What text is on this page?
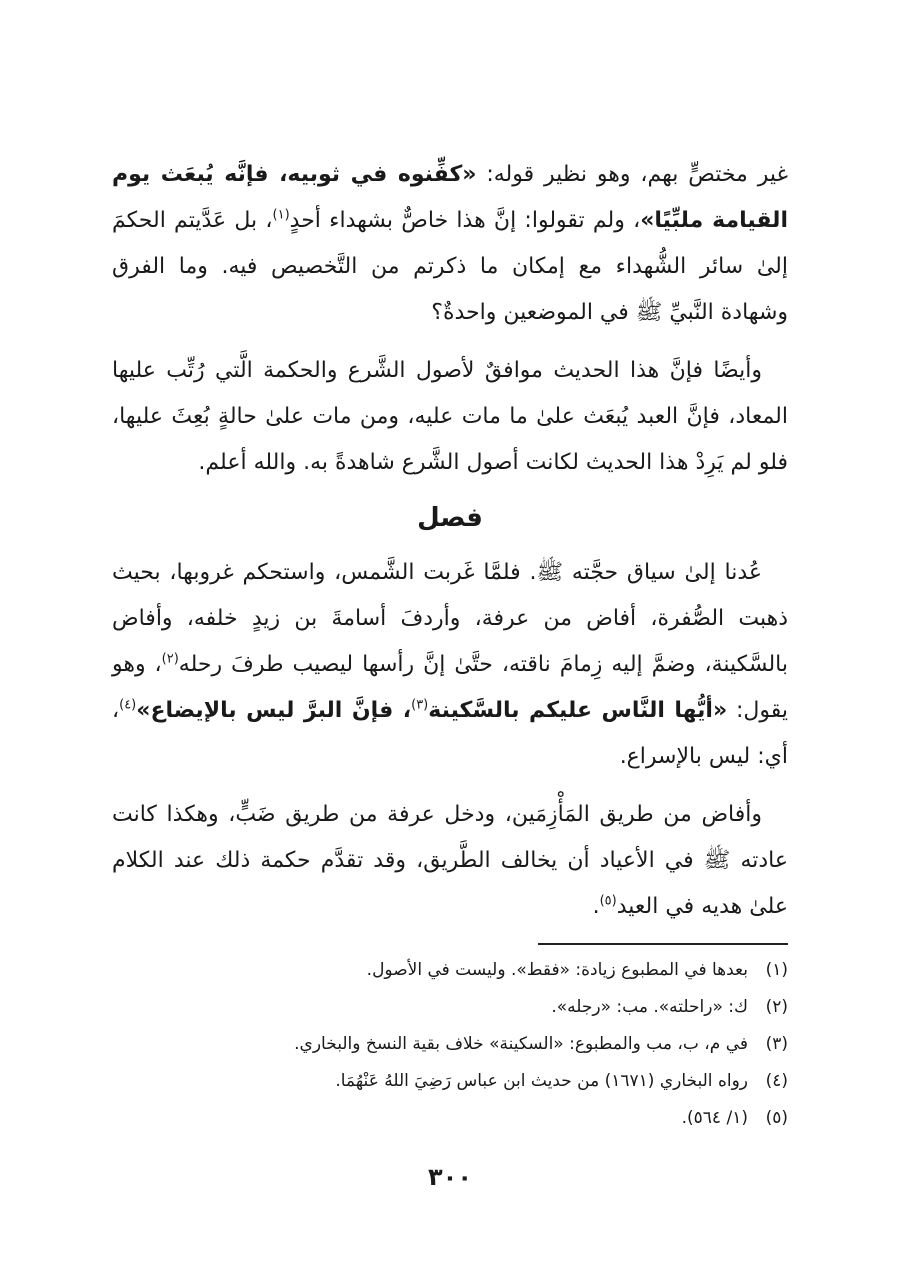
غير مختصٍّ بهم، وهو نظير قوله: «كفِّنوه في ثوبيه، فإنَّه يُبعَث يوم القيامة ملبِّيًا»، ولم تقولوا: إنَّ هذا خاصٌّ بشهداء أحدٍ$^{(١)}$، بل عَدَّيتم الحكمَ إلىٰ سائر الشُّهداء مع إمكان ما ذكرتم من التَّخصيص فيه. وما الفرق وشهادة النَّبيِّ ﷺ في الموضعين واحدةٌ؟

وأيضًا فإنَّ هذا الحديث موافقٌ لأصول الشَّرع والحكمة الَّتي رُتِّب عليها المعاد، فإنَّ العبد يُبعَث علىٰ ما مات عليه، ومن مات علىٰ حالةٍ بُعِثَ عليها، فلو لم يَرِدْ هذا الحديث لكانت أصول الشَّرع شاهدةً به. والله أعلم.

فصل

عُدنا إلىٰ سياق حجَّته ﷺ. فلمَّا غَربت الشَّمس، واستحكم غروبها، بحيث ذهبت الصُّفرة، أفاض من عرفة، وأردفَ أسامةَ بن زيدٍ خلفه، وأفاض بالسَّكينة، وضمَّ إليه زِمامَ ناقته، حتَّىٰ إنَّ رأسها ليصيب طرفَ رحله$^{(٢)}$، وهو يقول: «أيُّها النَّاس عليكم بالسَّكينة$^{(٣)}$، فإنَّ البرَّ ليس بالإيضاع»$^{(٤)}$، أي: ليس بالإسراع.

وأفاض من طريق المَأْزِمَين، ودخل عرفة من طريق ضَبٍّ، وهكذا كانت عادته ﷺ في الأعياد أن يخالف الطَّريق، وقد تقدَّم حكمة ذلك عند الكلام علىٰ هديه في العيد$^{(٥)}$.

(١)بعدها في المطبوع زيادة: «فقط». وليست في الأصول.
(٢)ك: «راحلته». مب: «رجله».
(٣)في م، ب، مب والمطبوع: «السكينة» خلاف بقية النسخ والبخاري.
(٤)رواه البخاري (١٦٧١) من حديث ابن عباس رَضِيَ اللهُ عَنْهُمَا.
(٥)(١/ ٥٦٤).
٣٠٠
